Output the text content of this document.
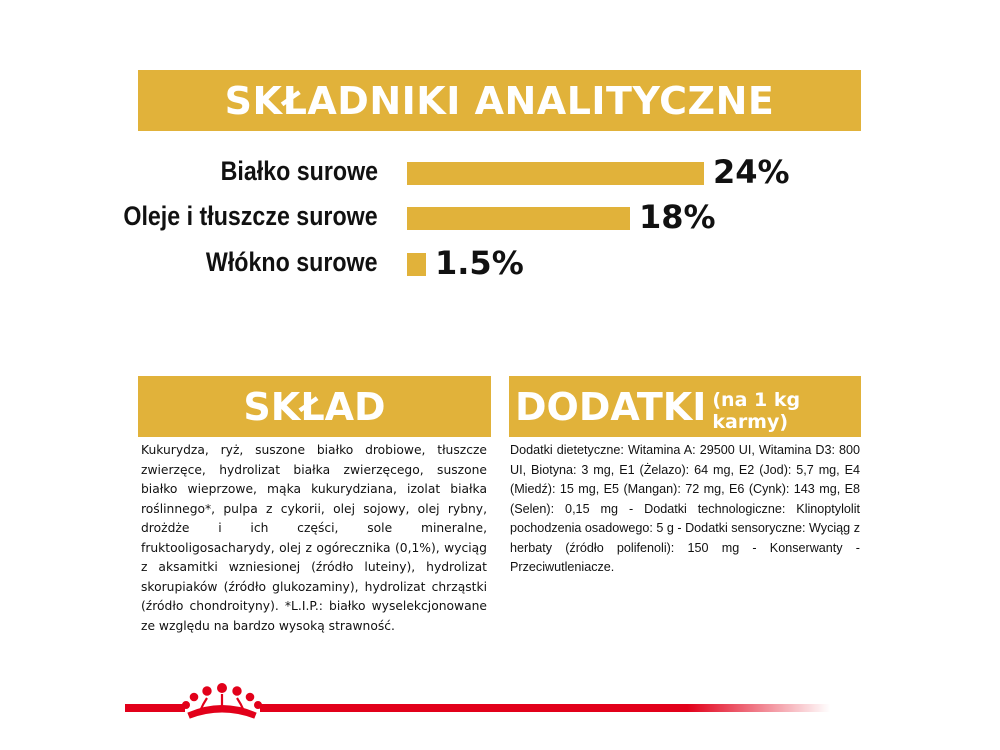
SKŁADNIKI ANALITYCZNE
Białko surowe	24%
Oleje i tłuszcze surowe	18%
Włókno surowe 1.5%
SKŁAD
Kukurydza, ryż, suszone białko drobiowe, tłuszcze zwierzęce, hydrolizat białka zwierzęcego, suszone białko wieprzowe, mąka kukurydziana, izolat białka roślinnego*, pulpa z cykorii, olej sojowy, olej rybny, drożdże i ich części, sole mineralne, fruktooligosacharydy, olej z ogórecznika (0,1%), wyciąg z aksamitki wzniesionej (źródło luteiny), hydrolizat skorupiaków (źródło glukozaminy), hydrolizat chrząstki (źródło chondroityny). *L.I.P.: białko wyselekcjonowane ze względu na bardzo wysoką strawność.
DODATKI (na 1 kg karmy)
Dodatki dietetyczne: Witamina A: 29500 UI, Witamina D3: 800 UI, Biotyna: 3 mg, E1 (Żelazo): 64 mg, E2 (Jod): 5,7 mg, E4 (Miedź): 15 mg, E5 (Mangan): 72 mg, E6 (Cynk): 143 mg, E8 (Selen): 0,15 mg - Dodatki technologiczne: Klinoptylolit pochodzenia osadowego: 5 g - Dodatki sensoryczne: Wyciąg z herbaty (źródło polifenoli): 150 mg - Konserwanty - Przeciwutleniacze.
